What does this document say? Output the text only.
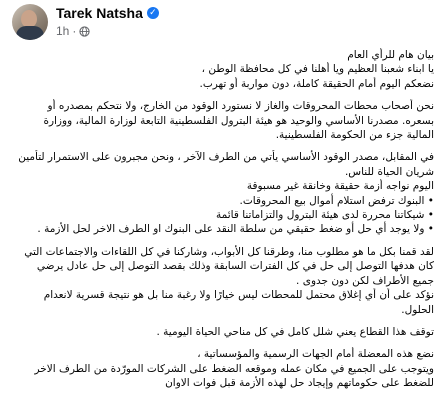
Tarek Natsha ✓
1h ·
بيان هام للرأي العام
يا ابناء شعبنا العظيم ويا أهلنا في كل محافظة الوطن ،
نضعكم اليوم أمام الحقيقة كاملة، دون مواربة أو تهرب.
نحن أصحاب محطات المحروقات والغاز لا نستورد الوقود من الخارج، ولا نتحكم بمصدره أو
بسعره. مصدرنا الأساسي والوحيد هو هيئة البترول الفلسطينية التابعة لوزارة المالية، ووزارة
المالية جزء من الحكومة الفلسطينية.
في المقابل، مصدر الوقود الأساسي يأتي من الطرف الآخر ، ونحن مجبرون على الاستمرار لتأمين
شريان الحياة للناس.
اليوم نواجه أزمة حقيقة وخانقة غير مسبوقة
• البنوك ترفض استلام أموال بيع المحروقات.
• شيكاتنا محررة لدى هيئة البترول والتزاماتنا قائمة
• ولا يوجد أي حل أو ضغط حقيقي من سلطة النقد على البنوك او الطرف الاخر لحل الأزمة .
لقد قمنا بكل ما هو مطلوب منا، وطرقنا كل الأبواب، وشاركنا في كل اللقاءات والاجتماعات التي
كان هدفها التوصل إلى حل في كل الفترات السابقة وذلك بقصد التوصل إلى حل عادل يرضي
جميع الأطراف لكن دون جدوى .
نؤكد على أن أي إغلاق محتمل للمحطات ليس خيارًا ولا رغبة منا بل هو نتيجة قسرية لانعدام
الحلول.
توقف هذا القطاع يعني شلل كامل في كل مناحي الحياة اليومية .
نضع هذه المعضلة أمام الجهات الرسمية والمؤسساتية ،
ويتوجب على الجميع في مكان عمله وموقعه الضغط على الشركات المورّدة من الطرف الاخر
للضغط على حكوماتهم وإيجاد حل لهذه الأزمة قبل فوات الاوان
